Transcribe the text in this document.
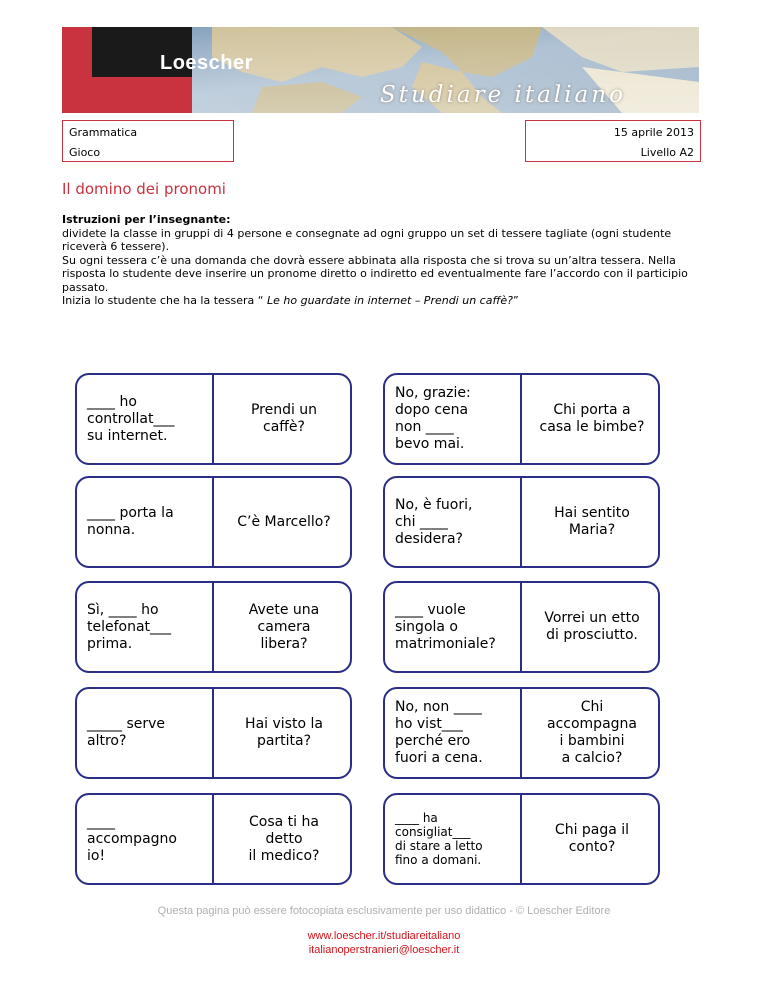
Loescher
Studiare italiano
Grammatica
Gioco
15 aprile 2013
Livello A2
Il domino dei pronomi
Istruzioni per l’insegnante:
dividete la classe in gruppi di 4 persone e consegnate ad ogni gruppo un set di tessere tagliate (ogni studente riceverà 6 tessere).
Su ogni tessera c’è una domanda che dovrà essere abbinata alla risposta che si trova su un’altra tessera. Nella risposta lo studente deve inserire un pronome diretto o indiretto ed eventualmente fare l’accordo con il participio passato.
Inizia lo studente che ha la tessera “ Le ho guardate in internet – Prendi un caffè?”
____ ho
controllat___
su internet.
Prendi un
caffè?
No, grazie:
dopo cena
non ____
bevo mai.
Chi porta a
casa le bimbe?
____ porta la
nonna.
C’è Marcello?
No, è fuori,
chi ____
desidera?
Hai sentito
Maria?
Sì, ____ ho
telefonat___
prima.
Avete una
camera
libera?
____ vuole
singola o
matrimoniale?
Vorrei un etto
di prosciutto.
_____ serve
altro?
Hai visto la
partita?
No, non ____
ho vist___
perché ero
fuori a cena.
Chi
accompagna
i bambini
a calcio?
____
accompagno
io!
Cosa ti ha
detto
il medico?
____ ha
consigliat___
di stare a letto
fino a domani.
Chi paga il
conto?
Questa pagina può essere fotocopiata esclusivamente per uso didattico - © Loescher Editore
www.loescher.it/studiareitaliano
italianoperstranieri@loescher.it
